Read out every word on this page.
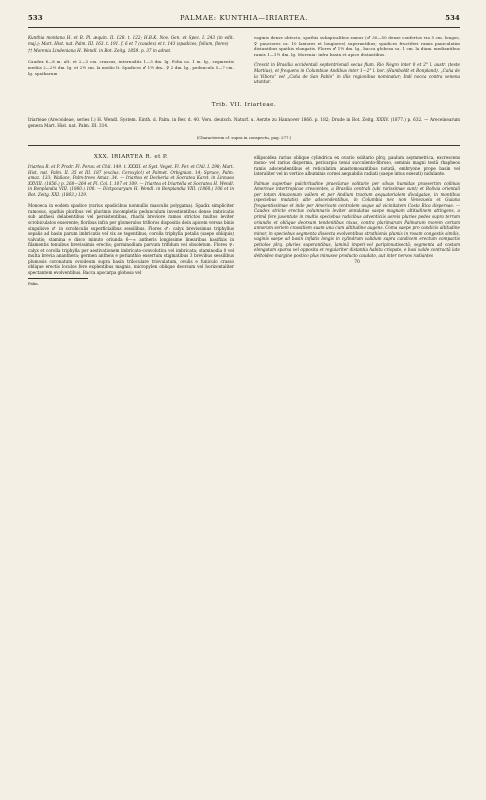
533	PALMAE: KUNTHIA—IRIARTEA.	534

Kunthia montana H. et B. Pl. æquin. II. 128. t. 122; H.B.K. Nov. Gen. et Spec. I. 243 (in edit. maj.); Mart. Hist. nat. Palm. III. 163. t. 191. f. 6 et 7 (caudex) et t. 143 (spadices, folium, flores)

†† Morenia Lindeniana H. Wendl. in Bot. Zeitg. 1859. p. 37 in adnot.

Caudex 6—8 m. alt. et 2—3 cm. crassus, internodiis 1—3 dm. lg. Folia ca. 1 m. lg., segmentis mediis 2—2½ dm. lg. et 2½ cm. la medio lt. Spadices ♂ 1½ dm., ♀ 2 dm. lg., pedunculo 5—7 cm. lg. spatharum

vaginis dense obtecto, spathis subapicalibus ramos (♂ 30—50 dense confertos via 5 cm. longos, ♀ pauciores ca. 10 laxiores et longiores) superantibus; spadices fructiferi ramis paniculatim distantibus spathis elongatis. Flores ♂ 1½ dm. lg., bacca globosa ca. 1 cm. la diam. mediantibus ramis 1—1½ dm. lg. Morenia: infra basin et apice distantibus.

Crescit in Brasilia occidentali septentrionali secus flum. Rio Negro inter 0 et 2° l. austr. (teste Martius), et frequens in Columbiae Andibus inter 1—2° l. bor. (Humboldt et Bonpland). „Caña de la Vibora“ vel „Caña de San Pablo“ in illis regionibus nominatur; Indi nocca contra venena utuntur.

Trib. VII. Iriarteae.
Iriarteae (Arecoideae, series I.) H. Wendl. System. Einth. d. Palm. in Ber. d. 40. Vers. deutsch. Naturf. u. Aerzte zu Hannover 1866. p. 182; Drude in Bot. Zeitg. XXXV. (1877.) p. 632. — Areceinearum genera Mart. Hist. nat. Palm. III. 314.
(Characterem cf. supra in conspectu, pag. 277.)
XXX. IRIARTEA R. et P.

Iriartea R. et P. Prodr. Fl. Peruv. et Chil. 149. t. XXXII. et Syst. Veget. Fl. Per. et Chil. I. 298; Mart. Hist. nat. Palm. II. 35 et III. 187 (exclus. Ceroxylo!) et Palmet. Orbignian. 14; Spruce, Palm. amaz. 133; Wallace, Palm-trees Amaz. 34. — Iriartea et Deckeria et Socratea Karst. in Linnaea XXVIII. (1856.) p. 268—264 et Fl. Col. I. 107 et 109. — Iriartea et Iriartella et Socratea H. Wendl. in Bonplandia VIII. (1860.) 100. — Dictyocaryum H. Wendl. in Bonplandia VIII. (1860.) 106 et in Bot. Zeitg. XXI. (1863.) 129.

Monoeca in eodem spadice (rarius spadicibus nonnullis masculis polygama). Spadix simpliciter ramosus, spathis pluribus vel plurimis incompletis pedunculum investientibus dense imbricatis sub anthesi delabentibus vel persistentibus, rhachi breviore ramos strictos multos leviter scrobiculatos exserente; floribus infra per glomerulos trifloros dispositis dein apicem versus binis singulisve ♂ in scrobiculis superficialibus sessilibus. Flores ♂: calyx brevissimus triphyllus sepalis ad basin parum imbricatis vel vix se tegentibus; corolla triphylla petalis (saepe obliquis) valvatis; stamina e disco minuto oriunda 6—∞ antheris longissime linearibus basifixis in filamentis tenuibus brevissimis erectis; gorminodium parvum trifidum vel obsoletum. Flores ♀: calyx et corolla triphylla per aestivationem imbricato-convolutiva vel imbricata; staminodia 0 vel multa brevia anantherа; germen antheis e perianthio exsertum stigmatibus 3 brevibus sessilibus plumosis coronatum ovoideum supra basin triloculare triovulatum, ovulis e funiculo crasso oblique erectis loculos fere explentibus magnis, micropylen oblique deorsum vel horizontaliter spectantem evolventibus. Bacca apocarpa globosa vel

Palm.

ellipsoidea rarius oblique cylindrica ex ovario solitario plrq. paulum asymmetrica, excrescens mono- vel rarius disperma, pericarpio tenui succulento-fibroso, seminis magni testā rhapheos ramis adscendentibus et reticulatim anastomosantibus notatā, embryone prope basin vel lateraliter vel in vertice albuminis cornei aequabilis radiati (saepe intus exesuti) nidulante.

Palmae superbae pulchritudine praeclarae solitarie per silvas humidas praesertim collinas Americae intertropicae crescentes, a Brasilia centrali (ubi rarissimae sunt) et Bolivia orientali per totam Amazonum vallem et per Andium tractum aequatorialem divulgatae, in montibus (speciebus mutatis) alte adscendentibus, in Columbia nec non Venezuela et Guiana frequentissimae et inde per Americam centralem usque ad vicinitatem Costa Rica dispersae. — Caudex stricte erectus columnaris leviter annulatus saepe magnam altitudinem attingens, a primâ fere juventute in multis speciebus radicibus adventiciis aereis pluries pedes supra terram oriundis et oblique deorsum tendentibus nixus, contra plurimarum Palmarum morem certam annorum seriem crassitiem suam una cum altitudine augens. Coma saepe pro candicis altitudine minor, in speciebus segmenta dissecta evolventibus struthionis plumis in rosam congestis similis, vaginis saepe ad basin inflatis longis in cylindrum validum supra candicem erectum compactis petiolos plrq. pluries superantibus, laminā imperi-vel paripinnatisectā; segmenta ad costam elongatam sparsa vel opposita et regulariter distantia habitu crispato, e basi valde contractā late deltoideo margine postico plus minusve producto caudato, aut inter nervos radiantes

70
